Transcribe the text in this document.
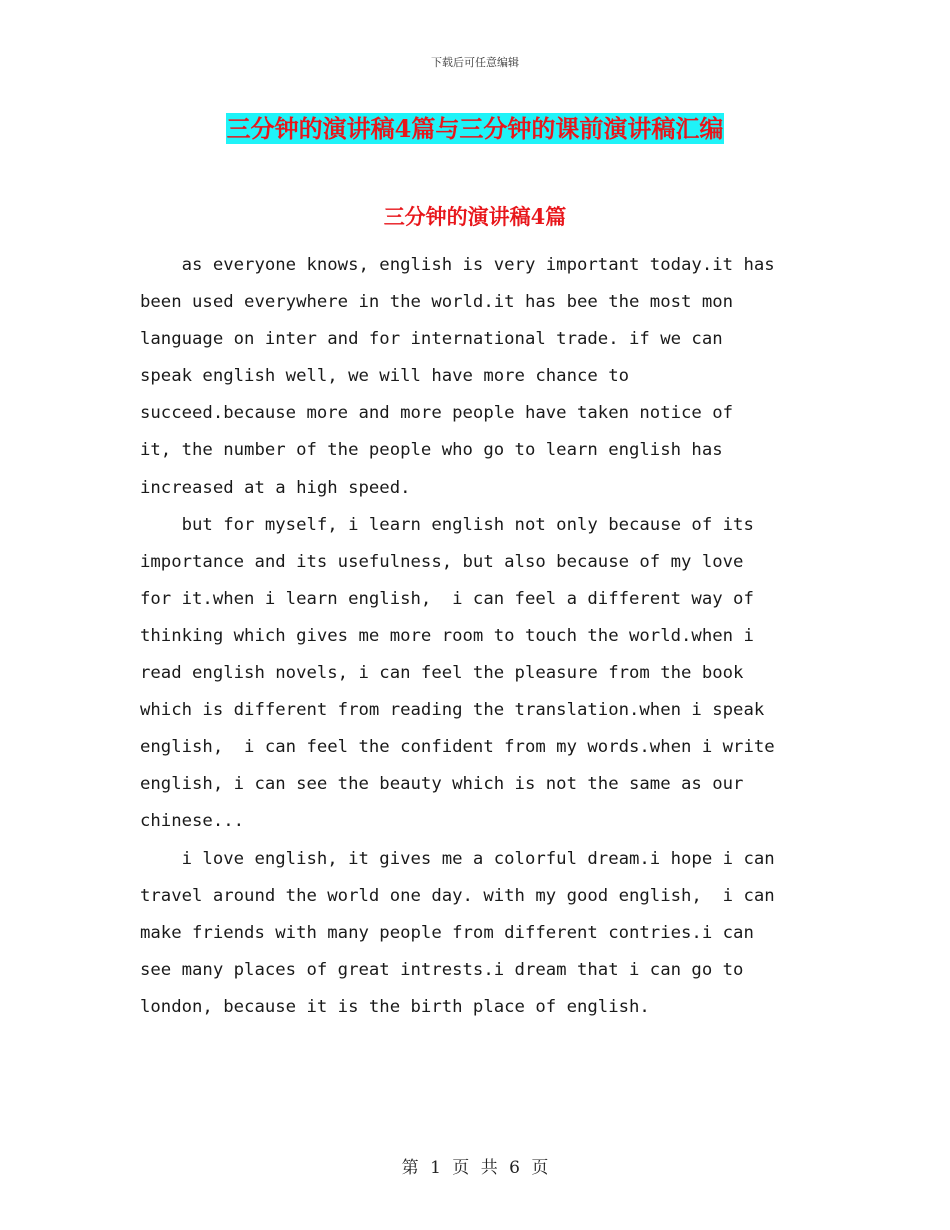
下载后可任意编辑
三分钟的演讲稿4篇与三分钟的课前演讲稿汇编
三分钟的演讲稿4篇
as everyone knows, english is very important today.it has
been used everywhere in the world.it has bee the most mon
language on inter and for international trade. if we can
speak english well, we will have more chance to
succeed.because more and more people have taken notice of
it, the number of the people who go to learn english has
increased at a high speed.
but for myself, i learn english not only because of its
importance and its usefulness, but also because of my love
for it.when i learn english,  i can feel a different way of
thinking which gives me more room to touch the world.when i
read english novels, i can feel the pleasure from the book
which is different from reading the translation.when i speak
english,  i can feel the confident from my words.when i write
english, i can see the beauty which is not the same as our
chinese...
i love english, it gives me a colorful dream.i hope i can
travel around the world one day. with my good english,  i can
make friends with many people from different contries.i can
see many places of great intrests.i dream that i can go to
london, because it is the birth place of english.
第 1 页 共 6 页
